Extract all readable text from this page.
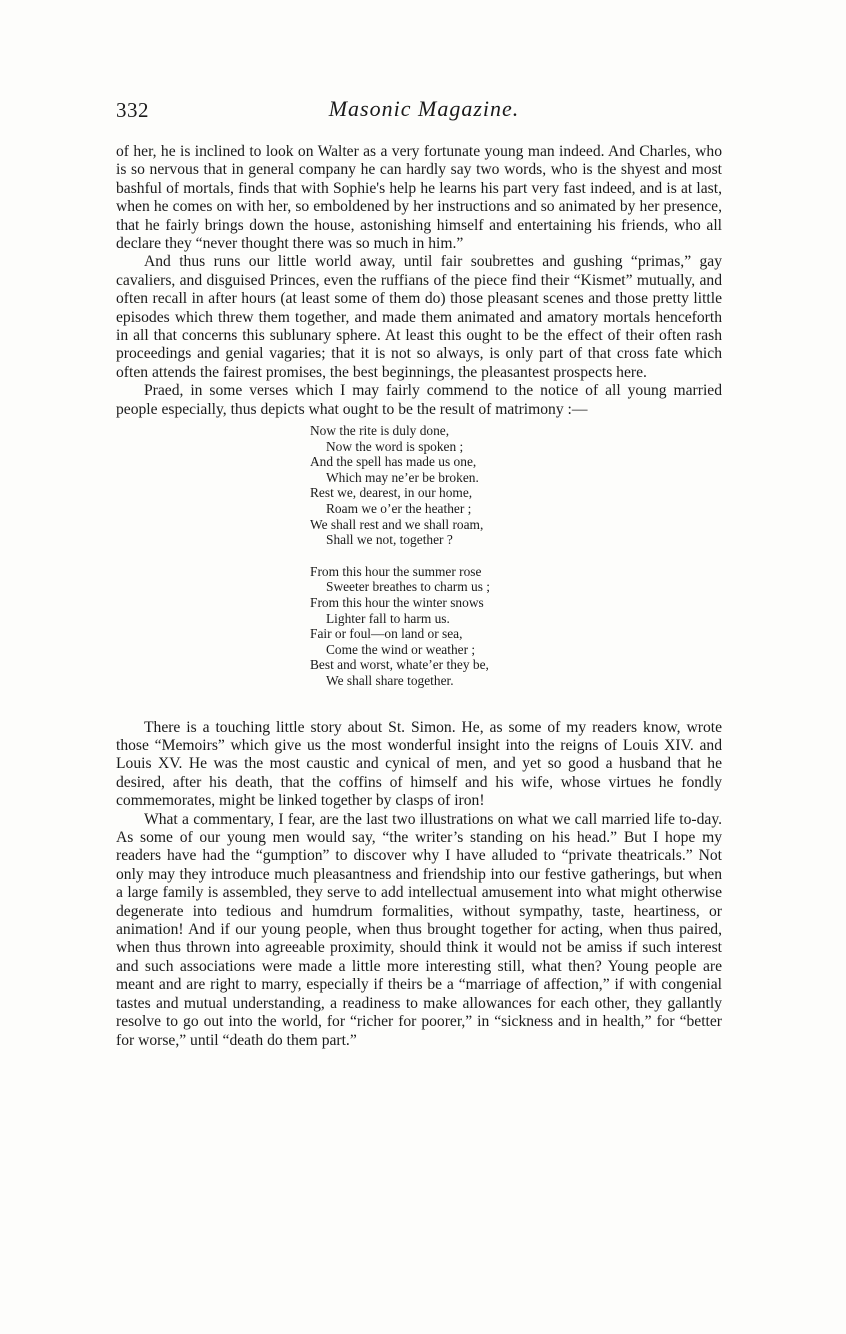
332	Masonic Magazine.

of her, he is inclined to look on Walter as a very fortunate young man indeed. And Charles, who is so nervous that in general company he can hardly say two words, who is the shyest and most bashful of mortals, finds that with Sophie's help he learns his part very fast indeed, and is at last, when he comes on with her, so emboldened by her instructions and so animated by her presence, that he fairly brings down the house, astonishing himself and entertaining his friends, who all declare they “never thought there was so much in him.”

And thus runs our little world away, until fair soubrettes and gushing “primas,” gay cavaliers, and disguised Princes, even the ruffians of the piece find their “Kismet” mutually, and often recall in after hours (at least some of them do) those pleasant scenes and those pretty little episodes which threw them together, and made them animated and amatory mortals henceforth in all that concerns this sublunary sphere. At least this ought to be the effect of their often rash proceedings and genial vagaries; that it is not so always, is only part of that cross fate which often attends the fairest promises, the best beginnings, the pleasantest prospects here.

Praed, in some verses which I may fairly commend to the notice of all young married people especially, thus depicts what ought to be the result of matrimony :—

Now the rite is duly done,
Now the word is spoken ;
And the spell has made us one,
Which may ne’er be broken.
Rest we, dearest, in our home,
Roam we o’er the heather ;
We shall rest and we shall roam,
Shall we not, together ?
From this hour the summer rose
Sweeter breathes to charm us ;
From this hour the winter snows
Lighter fall to harm us.
Fair or foul—on land or sea,
Come the wind or weather ;
Best and worst, whate’er they be,
We shall share together.

There is a touching little story about St. Simon. He, as some of my readers know, wrote those “Memoirs” which give us the most wonderful insight into the reigns of Louis XIV. and Louis XV. He was the most caustic and cynical of men, and yet so good a husband that he desired, after his death, that the coffins of himself and his wife, whose virtues he fondly commemorates, might be linked together by clasps of iron!

What a commentary, I fear, are the last two illustrations on what we call married life to-day. As some of our young men would say, “the writer’s standing on his head.” But I hope my readers have had the “gumption” to discover why I have alluded to “private theatricals.” Not only may they introduce much pleasantness and friendship into our festive gatherings, but when a large family is assembled, they serve to add intellectual amusement into what might otherwise degenerate into tedious and humdrum formalities, without sympathy, taste, heartiness, or animation! And if our young people, when thus brought together for acting, when thus paired, when thus thrown into agreeable proximity, should think it would not be amiss if such interest and such associations were made a little more interesting still, what then? Young people are meant and are right to marry, especially if theirs be a “marriage of affection,” if with congenial tastes and mutual understanding, a readiness to make allowances for each other, they gallantly resolve to go out into the world, for “richer for poorer,” in “sickness and in health,” for “better for worse,” until “death do them part.”
